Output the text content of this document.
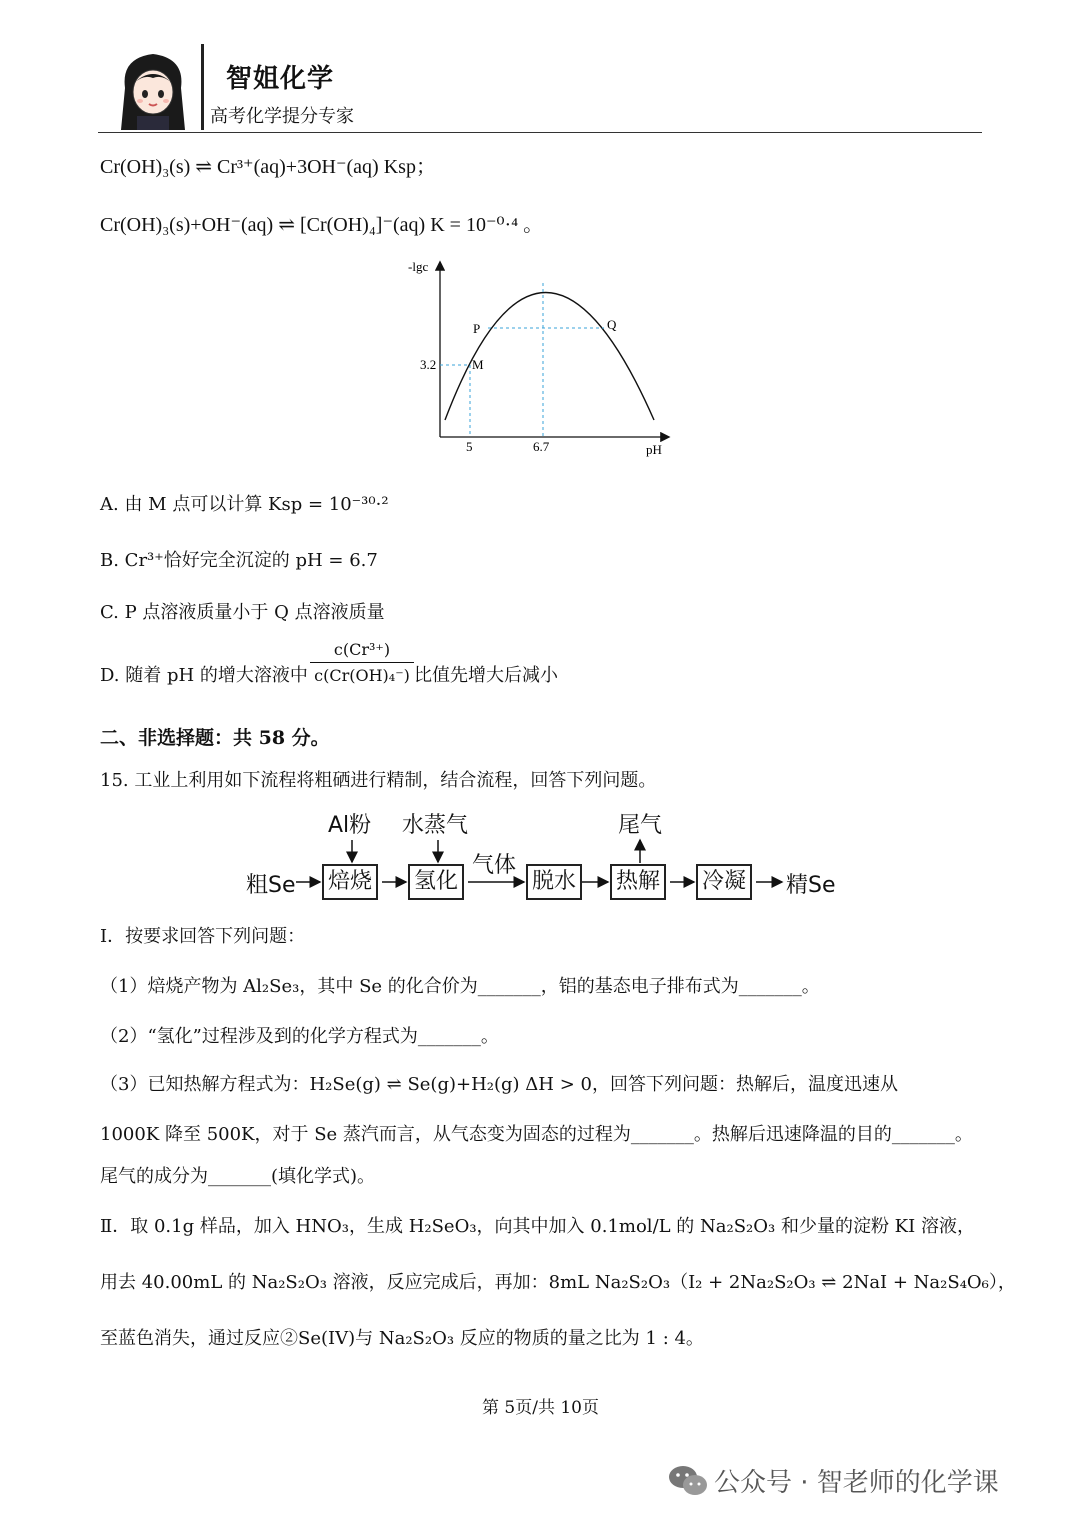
智姐化学
高考化学提分专家
Cr(OH)₃(s) ⇌ Cr³⁺(aq)+3OH⁻(aq) Ksp；
Cr(OH)₃(s)+OH⁻(aq) ⇌ [Cr(OH)₄]⁻(aq) K = 10⁻⁰·⁴ 。
-lgc
pH
3.2
5	6.7
M
P	Q
A. 由 M 点可以计算 Ksp = 10⁻³⁰·²
B. Cr³⁺恰好完全沉淀的 pH = 6.7
C. P 点溶液质量小于 Q 点溶液质量
D. 随着 pH 的增大溶液中
c(Cr³⁺)
c(Cr(OH)₄⁻) 比值先增大后减小
二、非选择题：共 58 分。
15. 工业上利用如下流程将粗硒进行精制，结合流程，回答下列问题。
Al粉 水蒸气	尾气
气体
粗Se 焙烧 氢化	脱水 热解 冷凝 精Se
Ⅰ．按要求回答下列问题：
（1）焙烧产物为 Al₂Se₃，其中 Se 的化合价为_______，铝的基态电子排布式为_______。
（2）“氢化”过程涉及到的化学方程式为_______。
（3）已知热解方程式为：H₂Se(g) ⇌ Se(g)+H₂(g) ΔH > 0，回答下列问题：热解后，温度迅速从
1000K 降至 500K，对于 Se 蒸汽而言，从气态变为固态的过程为_______。热解后迅速降温的目的_______。
尾气的成分为_______(填化学式)。
Ⅱ．取 0.1g 样品，加入 HNO₃，生成 H₂SeO₃，向其中加入 0.1mol/L 的 Na₂S₂O₃ 和少量的淀粉 KI 溶液，
用去 40.00mL 的 Na₂S₂O₃ 溶液，反应完成后，再加：8mL Na₂S₂O₃（I₂ + 2Na₂S₂O₃ ⇌ 2NaI + Na₂S₄O₆），
至蓝色消失，通过反应②Se(IV)与 Na₂S₂O₃ 反应的物质的量之比为 1 : 4。
第 5页/共 10页
公众号 · 智老师的化学课
